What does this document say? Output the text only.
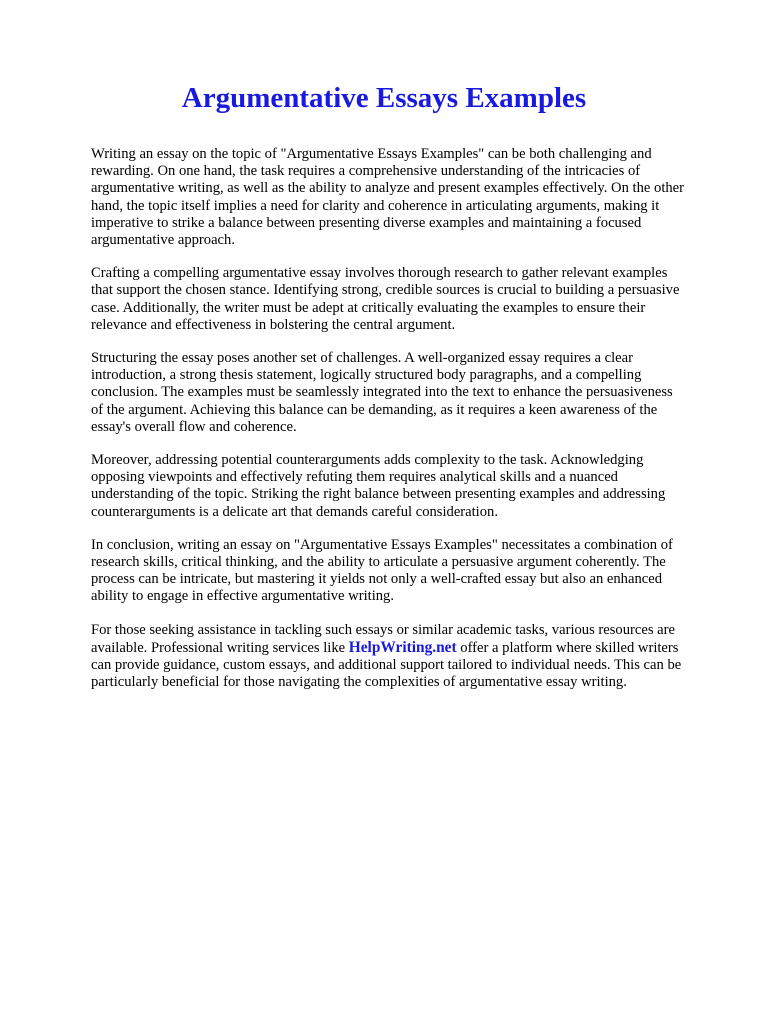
Argumentative Essays Examples

Writing an essay on the topic of "Argumentative Essays Examples" can be both challenging and rewarding. On one hand, the task requires a comprehensive understanding of the intricacies of argumentative writing, as well as the ability to analyze and present examples effectively. On the other hand, the topic itself implies a need for clarity and coherence in articulating arguments, making it imperative to strike a balance between presenting diverse examples and maintaining a focused argumentative approach.

Crafting a compelling argumentative essay involves thorough research to gather relevant examples that support the chosen stance. Identifying strong, credible sources is crucial to building a persuasive case. Additionally, the writer must be adept at critically evaluating the examples to ensure their relevance and effectiveness in bolstering the central argument.

Structuring the essay poses another set of challenges. A well-organized essay requires a clear introduction, a strong thesis statement, logically structured body paragraphs, and a compelling conclusion. The examples must be seamlessly integrated into the text to enhance the persuasiveness of the argument. Achieving this balance can be demanding, as it requires a keen awareness of the essay's overall flow and coherence.

Moreover, addressing potential counterarguments adds complexity to the task. Acknowledging opposing viewpoints and effectively refuting them requires analytical skills and a nuanced understanding of the topic. Striking the right balance between presenting examples and addressing counterarguments is a delicate art that demands careful consideration.

In conclusion, writing an essay on "Argumentative Essays Examples" necessitates a combination of research skills, critical thinking, and the ability to articulate a persuasive argument coherently. The process can be intricate, but mastering it yields not only a well-crafted essay but also an enhanced ability to engage in effective argumentative writing.

For those seeking assistance in tackling such essays or similar academic tasks, various resources are available. Professional writing services like HelpWriting.net offer a platform where skilled writers can provide guidance, custom essays, and additional support tailored to individual needs. This can be particularly beneficial for those navigating the complexities of argumentative essay writing.
